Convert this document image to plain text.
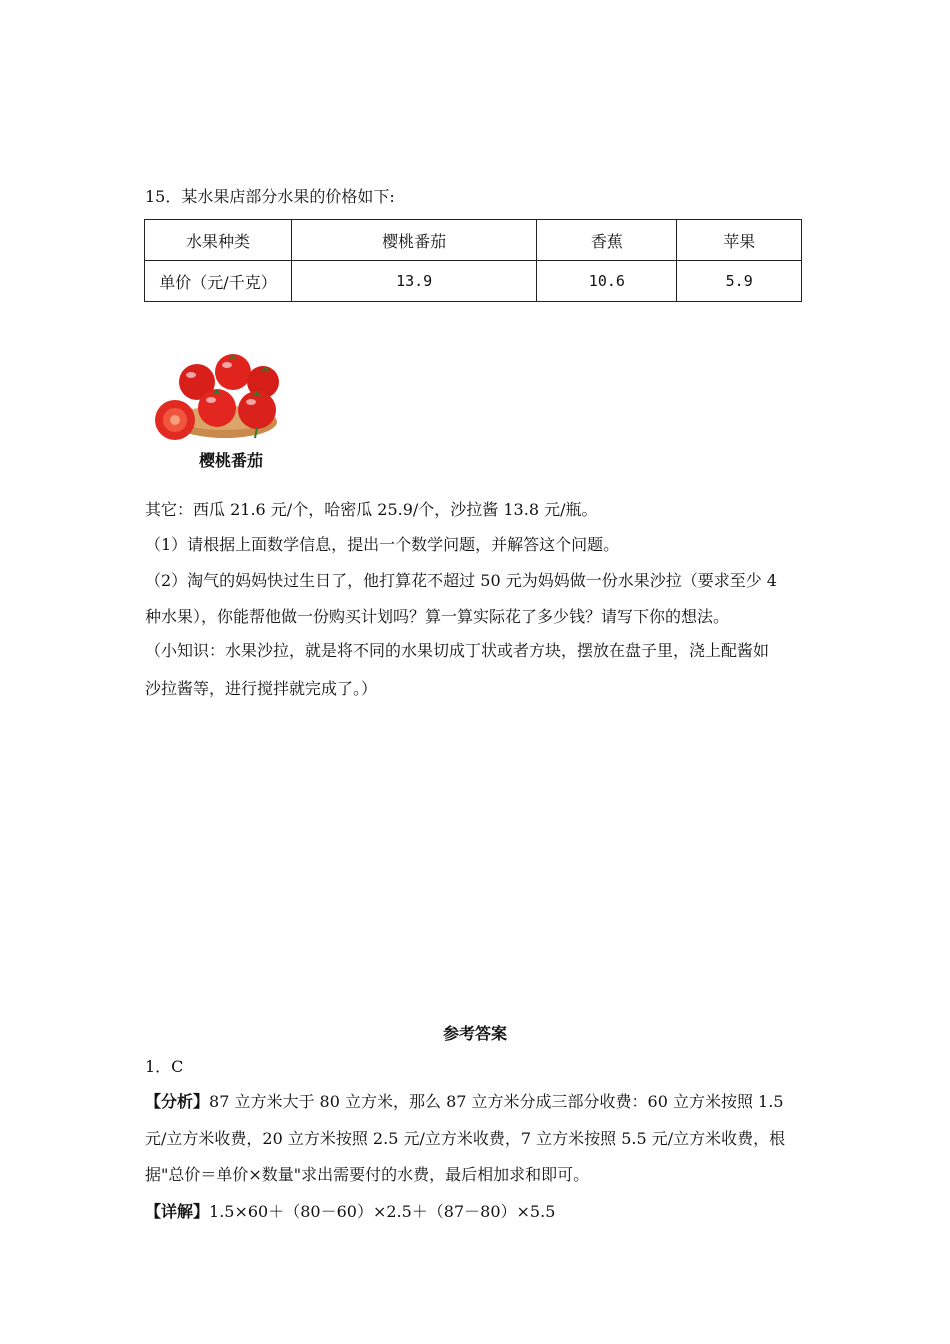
15．某水果店部分水果的价格如下:
水果种类	樱桃番茄	香蕉	苹果
单价（元/千克）	13.9	10.6	5.9
樱桃番茄
其它：西瓜 21.6 元/个，哈密瓜 25.9/个，沙拉酱 13.8 元/瓶。
（1）请根据上面数学信息，提出一个数学问题，并解答这个问题。
（2）淘气的妈妈快过生日了，他打算花不超过 50 元为妈妈做一份水果沙拉（要求至少 4
种水果），你能帮他做一份购买计划吗？算一算实际花了多少钱？请写下你的想法。
（小知识：水果沙拉，就是将不同的水果切成丁状或者方块，摆放在盘子里，浇上配酱如
沙拉酱等，进行搅拌就完成了。）
参考答案
1．C
【分析】87 立方米大于 80 立方米，那么 87 立方米分成三部分收费：60 立方米按照 1.5
元/立方米收费，20 立方米按照 2.5 元/立方米收费，7 立方米按照 5.5 元/立方米收费，根
据"总价＝单价×数量"求出需要付的水费，最后相加求和即可。
【详解】1.5×60＋（80－60）×2.5＋（87－80）×5.5
